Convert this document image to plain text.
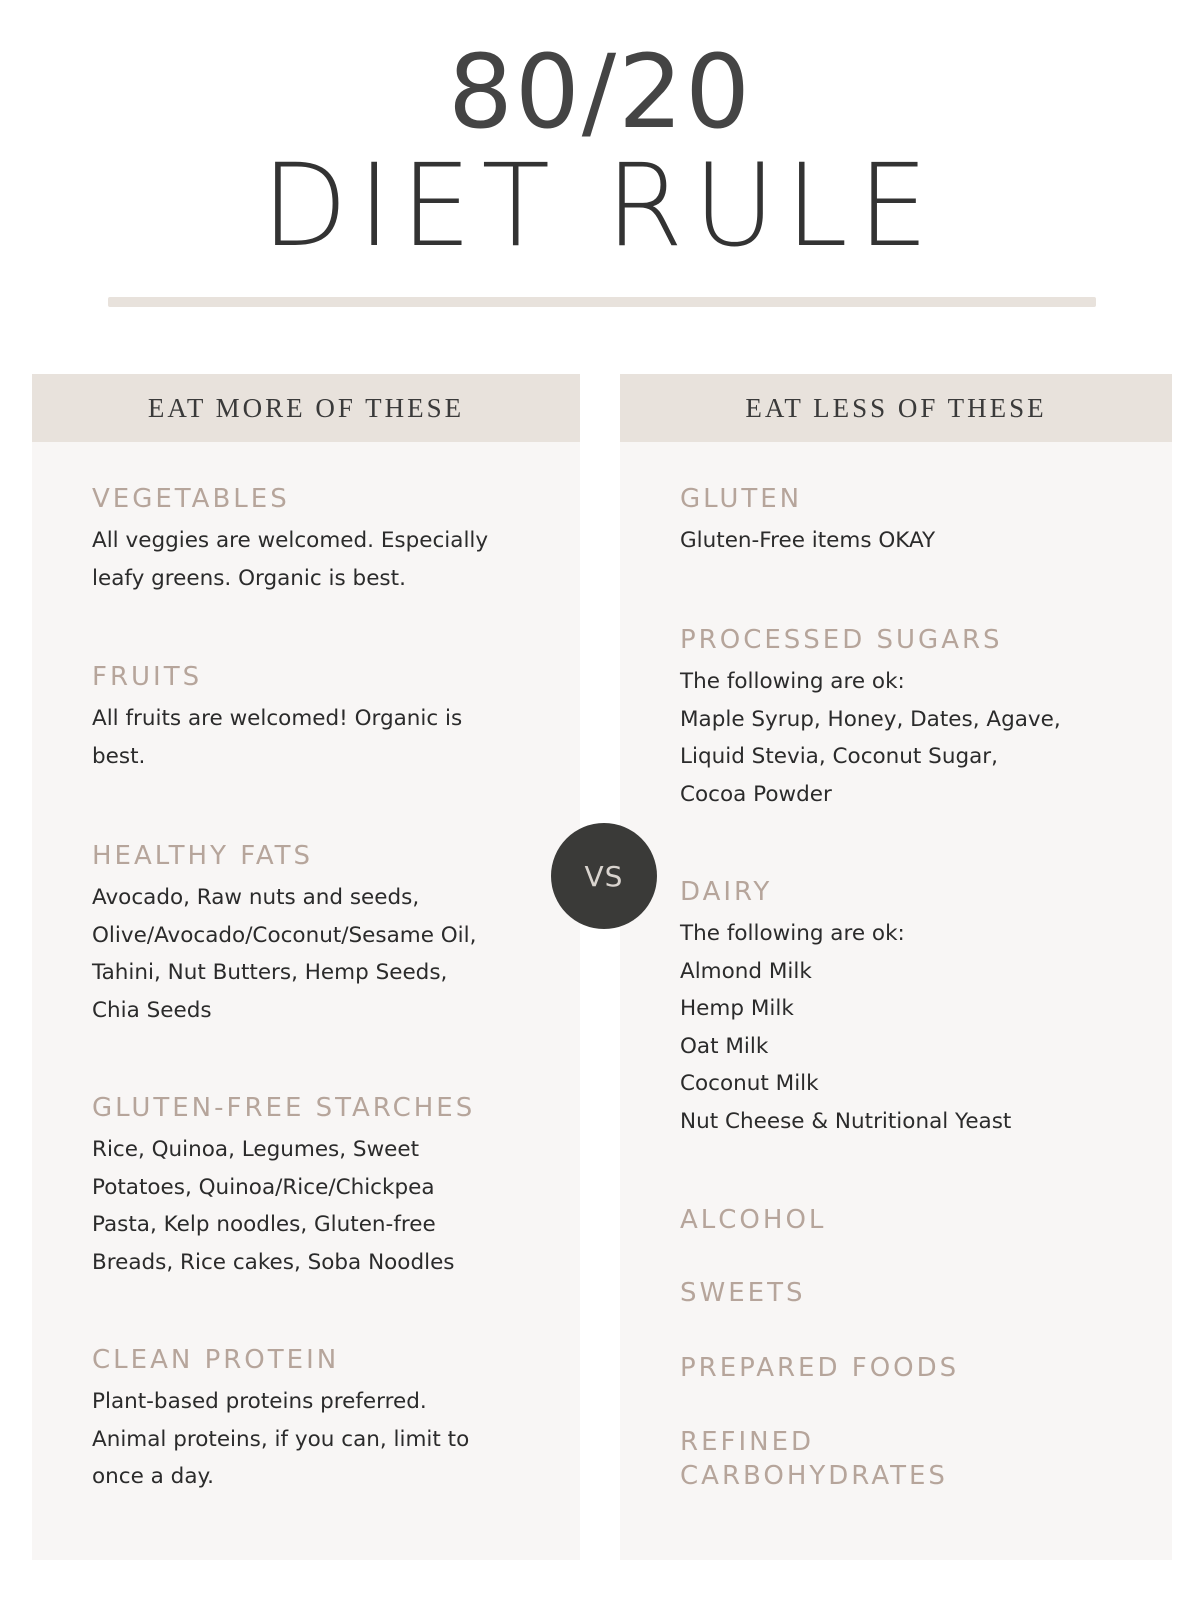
80/20
DIET RULE
EAT MORE OF THESE
VEGETABLES
All veggies are welcomed. Especially
leafy greens. Organic is best.
FRUITS
All fruits are welcomed! Organic is
best.
HEALTHY FATS
Avocado, Raw nuts and seeds,
Olive/Avocado/Coconut/Sesame Oil,
Tahini, Nut Butters, Hemp Seeds,
Chia Seeds
GLUTEN-FREE STARCHES
Rice, Quinoa, Legumes, Sweet
Potatoes, Quinoa/Rice/Chickpea
Pasta, Kelp noodles, Gluten-free
Breads, Rice cakes, Soba Noodles
CLEAN PROTEIN
Plant-based proteins preferred.
Animal proteins, if you can, limit to
once a day.
EAT LESS OF THESE
GLUTEN
Gluten-Free items OKAY
PROCESSED SUGARS
The following are ok:
Maple Syrup, Honey, Dates, Agave,
Liquid Stevia, Coconut Sugar,
Cocoa Powder
DAIRY
The following are ok:
Almond Milk
Hemp Milk
Oat Milk
Coconut Milk
Nut Cheese & Nutritional Yeast
ALCOHOL
SWEETS
PREPARED FOODS
REFINED
CARBOHYDRATES
VS
